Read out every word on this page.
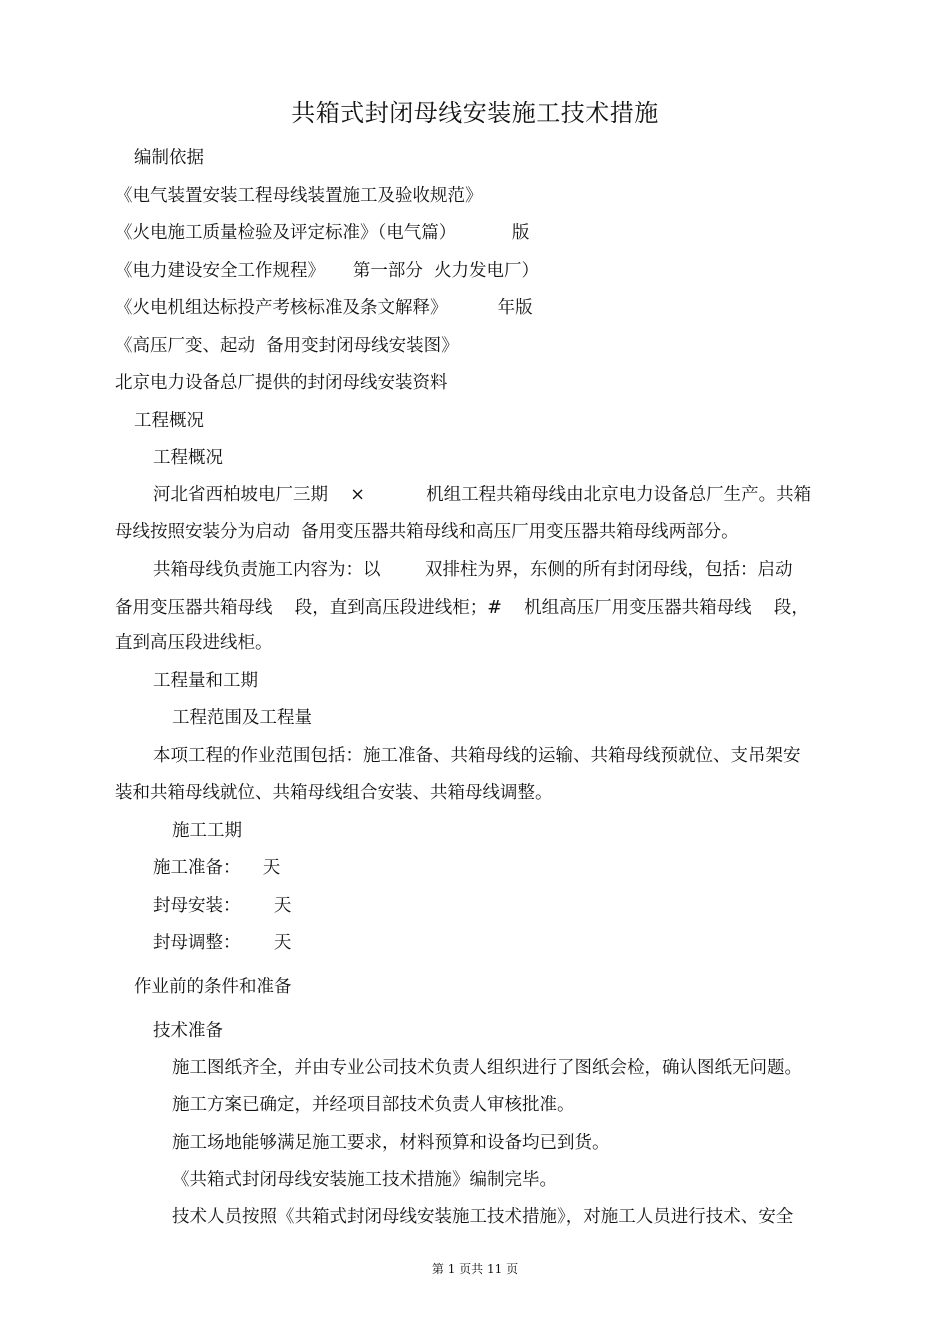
共箱式封闭母线安装施工技术措施
编制依据
《电气装置安装工程母线装置施工及验收规范》
《火电施工质量检验及评定标准》（电气篇）          版
《电力建设安全工作规程》     第一部分  火力发电厂）
《火电机组达标投产考核标准及条文解释》         年版
《高压厂变、起动  备用变封闭母线安装图》
北京电力设备总厂提供的封闭母线安装资料
工程概况
工程概况
河北省西柏坡电厂三期    ×           机组工程共箱母线由北京电力设备总厂生产。共箱
母线按照安装分为启动  备用变压器共箱母线和高压厂用变压器共箱母线两部分。
共箱母线负责施工内容为：以        双排柱为界，东侧的所有封闭母线，包括：启动
备用变压器共箱母线    段，直到高压段进线柜；#    机组高压厂用变压器共箱母线    段，
直到高压段进线柜。
工程量和工期
工程范围及工程量
本项工程的作业范围包括：施工准备、共箱母线的运输、共箱母线预就位、支吊架安
装和共箱母线就位、共箱母线组合安装、共箱母线调整。
施工工期
施工准备：    天
封母安装：      天
封母调整：      天
作业前的条件和准备
技术准备
施工图纸齐全，并由专业公司技术负责人组织进行了图纸会检，确认图纸无问题。
施工方案已确定，并经项目部技术负责人审核批准。
施工场地能够满足施工要求，材料预算和设备均已到货。
《共箱式封闭母线安装施工技术措施》编制完毕。
技术人员按照《共箱式封闭母线安装施工技术措施》，对施工人员进行技术、安全
第 1 页共 11 页
